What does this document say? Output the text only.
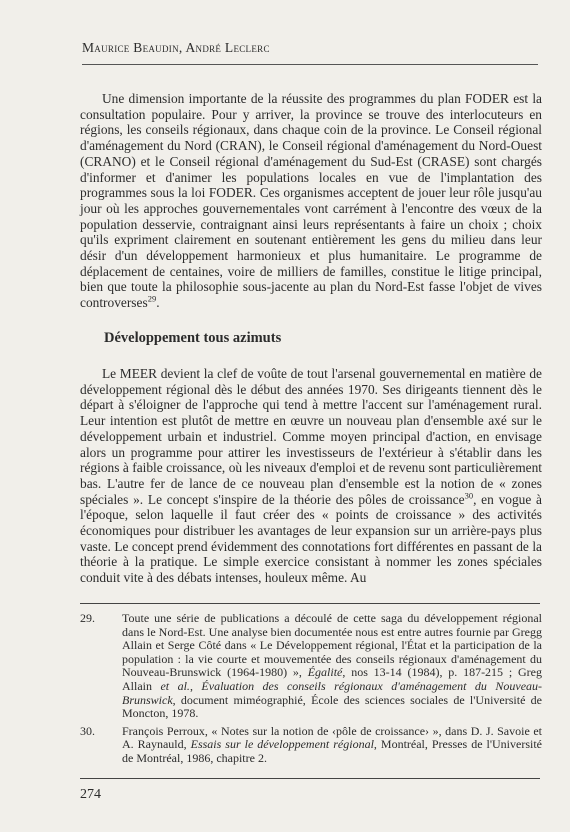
Maurice Beaudin, André Leclerc

Une dimension importante de la réussite des programmes du plan FODER est la consultation populaire. Pour y arriver, la province se trouve des interlocuteurs en régions, les conseils régionaux, dans chaque coin de la province. Le Conseil régional d'aménagement du Nord (CRAN), le Conseil régional d'aménagement du Nord-Ouest (CRANO) et le Conseil régional d'aménagement du Sud-Est (CRASE) sont chargés d'informer et d'animer les populations locales en vue de l'implantation des programmes sous la loi FODER. Ces organismes acceptent de jouer leur rôle jusqu'au jour où les approches gouvernementales vont carrément à l'encontre des vœux de la population desservie, contraignant ainsi leurs représentants à faire un choix ; choix qu'ils expriment clairement en soutenant entièrement les gens du milieu dans leur désir d'un développement harmonieux et plus humanitaire. Le programme de déplacement de centaines, voire de milliers de familles, constitue le litige principal, bien que toute la philosophie sous-jacente au plan du Nord-Est fasse l'objet de vives controverses$^{29}$.

Développement tous azimuts

Le MEER devient la clef de voûte de tout l'arsenal gouvernemental en matière de développement régional dès le début des années 1970. Ses dirigeants tiennent dès le départ à s'éloigner de l'approche qui tend à mettre l'accent sur l'aménagement rural. Leur intention est plutôt de mettre en œuvre un nouveau plan d'ensemble axé sur le développement urbain et industriel. Comme moyen principal d'action, en envisage alors un programme pour attirer les investisseurs de l'extérieur à s'établir dans les régions à faible croissance, où les niveaux d'emploi et de revenu sont particulièrement bas. L'autre fer de lance de ce nouveau plan d'ensemble est la notion de « zones spéciales ». Le concept s'inspire de la théorie des pôles de croissance$^{30}$, en vogue à l'époque, selon laquelle il faut créer des « points de croissance » des activités économiques pour distribuer les avantages de leur expansion sur un arrière-pays plus vaste. Le concept prend évidemment des connotations fort différentes en passant de la théorie à la pratique. Le simple exercice consistant à nommer les zones spéciales conduit vite à des débats intenses, houleux même. Au

29.	Toute une série de publications a découlé de cette saga du développement régional dans le Nord-Est. Une analyse bien documentée nous est entre autres fournie par Gregg Allain et Serge Côté dans « Le Développement régional, l'État et la participation de la population : la vie courte et mouvementée des conseils régionaux d'aménagement du Nouveau-Brunswick (1964-1980) », Égalité, nos 13-14 (1984), p. 187-215 ; Greg Allain et al., Évaluation des conseils régionaux d'aménagement du Nouveau-Brunswick, document miméographié, École des sciences sociales de l'Université de Moncton, 1978.

30.	François Perroux, « Notes sur la notion de ‹pôle de croissance› », dans D. J. Savoie et A. Raynauld, Essais sur le développement régional, Montréal, Presses de l'Université de Montréal, 1986, chapitre 2.

274
